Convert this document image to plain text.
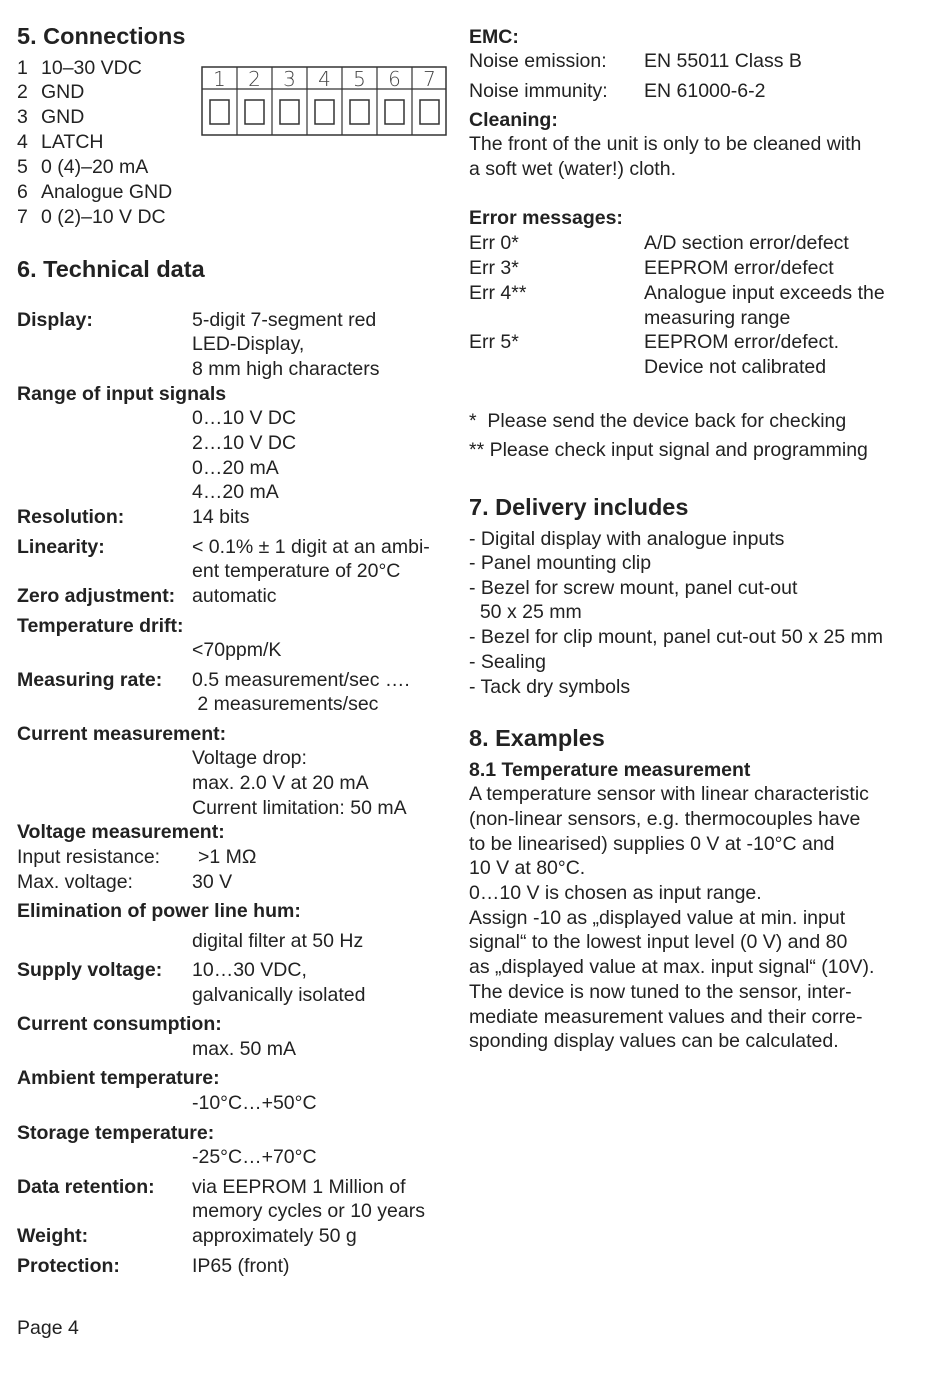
5. Connections
1 10–30 VDC
2 GND
3 GND
4 LATCH
5 0 (4)–20 mA
6 Analogue GND
7 0 (2)–10 V DC
6. Technical data
Display:	5-digit 7-segment red
LED-Display,
8 mm high characters
Range of input signals
0…10 V DC
2…10 V DC
0…20 mA
4…20 mA
Resolution:	14 bits
Linearity:	< 0.1% ± 1 digit at an ambi-
ent temperature of 20°C
Zero adjustment: automatic
Temperature drift:
<70ppm/K
Measuring rate: 0.5 measurement/sec ….
2 measurements/sec
Current measurement:
Voltage drop:
max. 2.0 V at 20 mA
Current limitation: 50 mA
Voltage measurement:
Input resistance: >1 MΩ
Max. voltage:	30 V
Elimination of power line hum:
digital filter at 50 Hz
Supply voltage: 10…30 VDC,
galvanically isolated
Current consumption:
max. 50 mA
Ambient temperature:
-10°C…+50°C
Storage temperature:
-25°C…+70°C
Data retention: via EEPROM 1 Million of
memory cycles or 10 years
Weight:	approximately 50 g
Protection:	IP65 (front)
1 2 3 4 5 6 7
EMC:
Noise emission: EN 55011 Class B
Noise immunity: EN 61000-6-2
Cleaning:
The front of the unit is only to be cleaned with
a soft wet (water!) cloth.
Error messages:
Err 0*	A/D section error/defect
Err 3*	EEPROM error/defect
Err 4**	Analogue input exceeds the
measuring range
Err 5*	EEPROM error/defect.
Device not calibrated
*  Please send the device back for checking
** Please check input signal and programming
7. Delivery includes
- Digital display with analogue inputs
- Panel mounting clip
- Bezel for screw mount, panel cut-out
50 x 25 mm
- Bezel for clip mount, panel cut-out 50 x 25 mm
- Sealing
- Tack dry symbols
8. Examples
8.1 Temperature measurement
A temperature sensor with linear characteristic
(non-linear sensors, e.g. thermocouples have
to be linearised) supplies 0 V at -10°C and
10 V at 80°C.
0…10 V is chosen as input range.
Assign -10 as „displayed value at min. input
signal“ to the lowest input level (0 V) and 80
as „displayed value at max. input signal“ (10V).
The device is now tuned to the sensor, inter-
mediate measurement values and their corre-
sponding display values can be calculated.
Page 4
